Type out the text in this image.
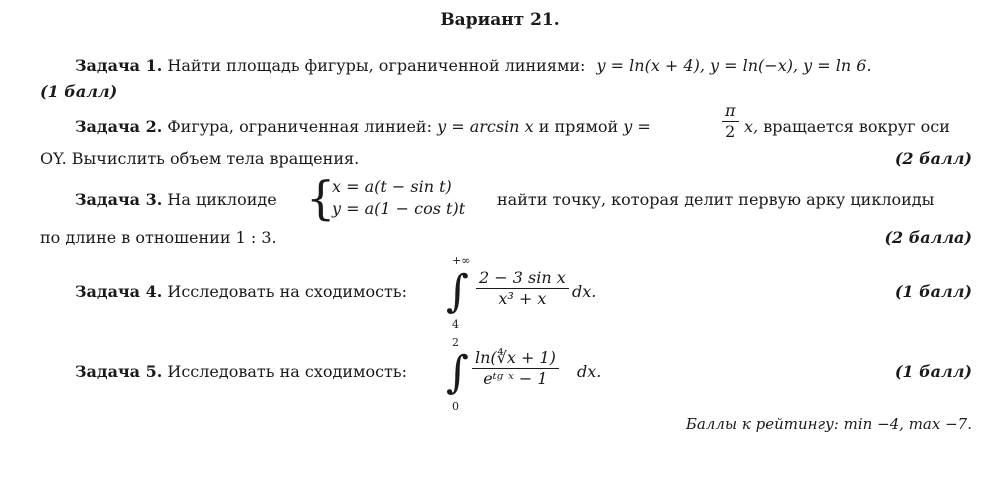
Вариант 21.
Задача 1. Найти площадь фигуры, ограниченной линиями: y = ln(x + 4), y = ln(−x), y = ln 6.
(1 балл)
Задача 2. Фигура, ограниченная линией: y = arcsin x и прямой y =	$\frac{\pi}{2} x$, вращается вокруг оси
OY. Вычислить объем тела вращения.	(2 балл)
Задача 3. На циклоиде {
x = a(t − sin t)
y = a(1 − cos t)t найти точку, которая делит первую арку циклоиды
по длине в отношении 1 : 3.	(2 балла)
Задача 4. Исследовать на сходимость:
+∞
∫
4
$\frac{\text{2 − 3 sin x}}{\text{x³ + x}}$ dx.	(1 балл)
Задача 5. Исследовать на сходимость:
2
∫
0
$\frac{\ln(∜x + 1)}{\text{eᵗᵍ ˣ − 1}}$ dx.	(1 балл)
Баллы к рейтингу: min −4, max −7.
